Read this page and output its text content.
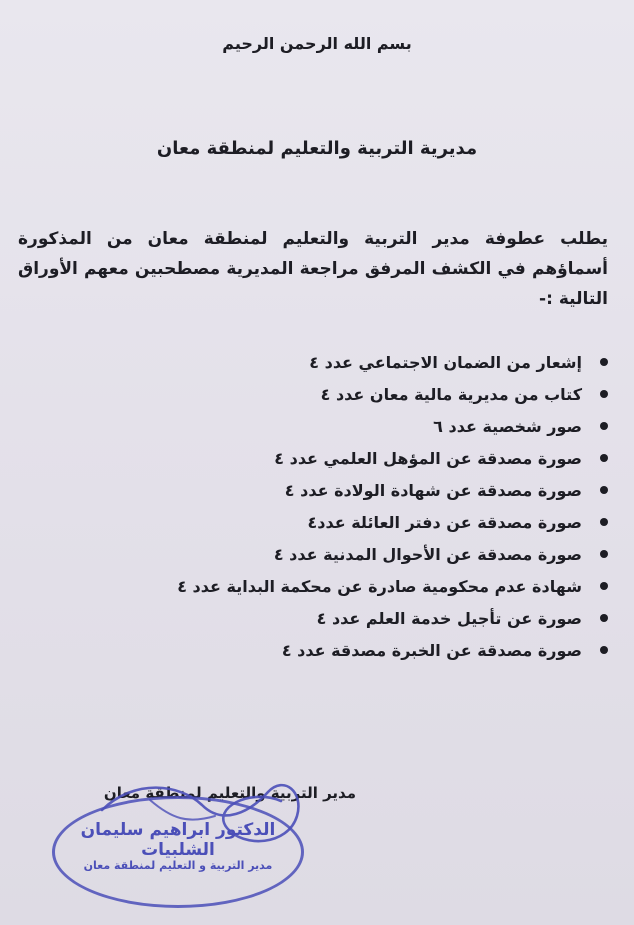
بسم الله الرحمن الرحيم
مديرية التربية والتعليم لمنطقة معان
يطلب عطوفة مدير التربية والتعليم لمنطقة معان من المذكورة أسماؤهم في الكشف المرفق مراجعة المديرية مصطحبين معهم الأوراق التالية :-
إشعار من الضمان الاجتماعي عدد ٤
كتاب من مديرية مالية معان عدد ٤
صور شخصية عدد ٦
صورة مصدقة عن المؤهل العلمي عدد ٤
صورة مصدقة عن شهادة الولادة عدد ٤
صورة مصدقة عن دفتر العائلة عدد٤
صورة مصدقة عن الأحوال المدنية عدد ٤
شهادة عدم محكومية صادرة عن محكمة البداية عدد ٤
صورة عن تأجيل خدمة العلم عدد ٤
صورة مصدقة عن الخبرة مصدقة عدد ٤
مدير التربية والتعليم لمنطقة معان
الدكتور ابراهيم سليمان الشلبيات
مدير التربية و التعليم لمنطقة معان
